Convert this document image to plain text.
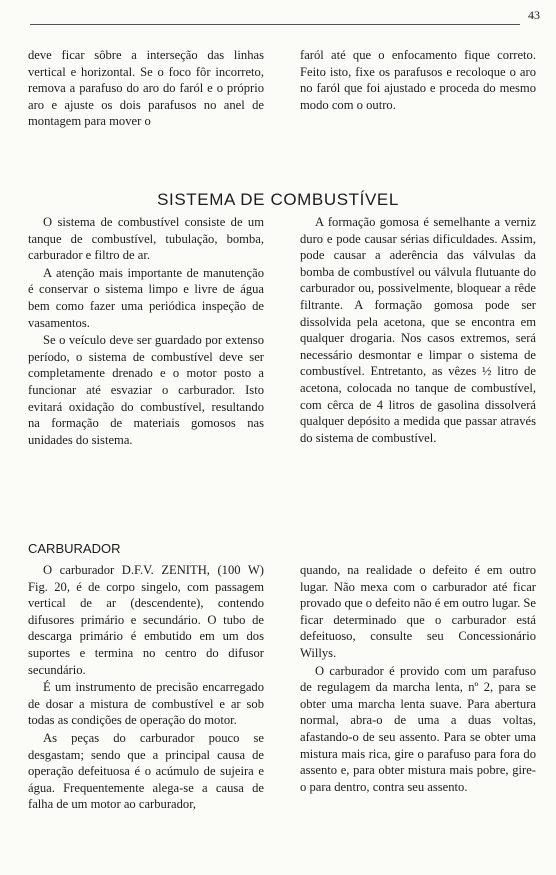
43

deve ficar sôbre a interseção das linhas vertical e horizontal. Se o foco fôr incorreto, remova a parafuso do aro do faról e o próprio aro e ajuste os dois parafusos no anel de montagem para mover o

faról até que o enfocamento fique correto. Feito isto, fixe os parafusos e recoloque o aro no faról que foi ajustado e proceda do mesmo modo com o outro.

SISTEMA DE COMBUSTÍVEL

O sistema de combustível consiste de um tanque de combustível, tubulação, bomba, carburador e filtro de ar.

A atenção mais importante de manutenção é conservar o sistema limpo e livre de água bem como fazer uma periódica inspeção de vasamentos.

Se o veículo deve ser guardado por extenso período, o sistema de combustível deve ser completamente drenado e o motor posto a funcionar até esvaziar o carburador. Isto evitará oxidação do combustível, resultando na formação de materiais gomosos nas unidades do sistema.

A formação gomosa é semelhante a verniz duro e pode causar sérias dificuldades. Assim, pode causar a aderência das válvulas da bomba de combustível ou válvula flutuante do carburador ou, possivelmente, bloquear a rêde filtrante. A formação gomosa pode ser dissolvida pela acetona, que se encontra em qualquer drogaria. Nos casos extremos, será necessário desmontar e limpar o sistema de combustível. Entretanto, as vêzes ½ litro de acetona, colocada no tanque de combustível, com cêrca de 4 litros de gasolina dissolverá qualquer depósito a medida que passar através do sistema de combustível.

CARBURADOR

O carburador D.F.V. ZENITH, (100 W) Fig. 20, é de corpo singelo, com passagem vertical de ar (descendente), contendo difusores primário e secundário. O tubo de descarga primário é embutido em um dos suportes e termina no centro do difusor secundário.

É um instrumento de precisão encarregado de dosar a mistura de combustível e ar sob todas as condições de operação do motor.

As peças do carburador pouco se desgastam; sendo que a principal causa de operação defeituosa é o acúmulo de sujeira e água. Frequentemente alega-se a causa de falha de um motor ao carburador,

quando, na realidade o defeito é em outro lugar. Não mexa com o carburador até ficar provado que o defeito não é em outro lugar. Se ficar determinado que o carburador está defeituoso, consulte seu Concessionário Willys.

O carburador é provido com um parafuso de regulagem da marcha lenta, nº 2, para se obter uma marcha lenta suave. Para abertura normal, abra-o de uma a duas voltas, afastando-o de seu assento. Para se obter uma mistura mais rica, gire o parafuso para fora do assento e, para obter mistura mais pobre, gire-o para dentro, contra seu assento.
